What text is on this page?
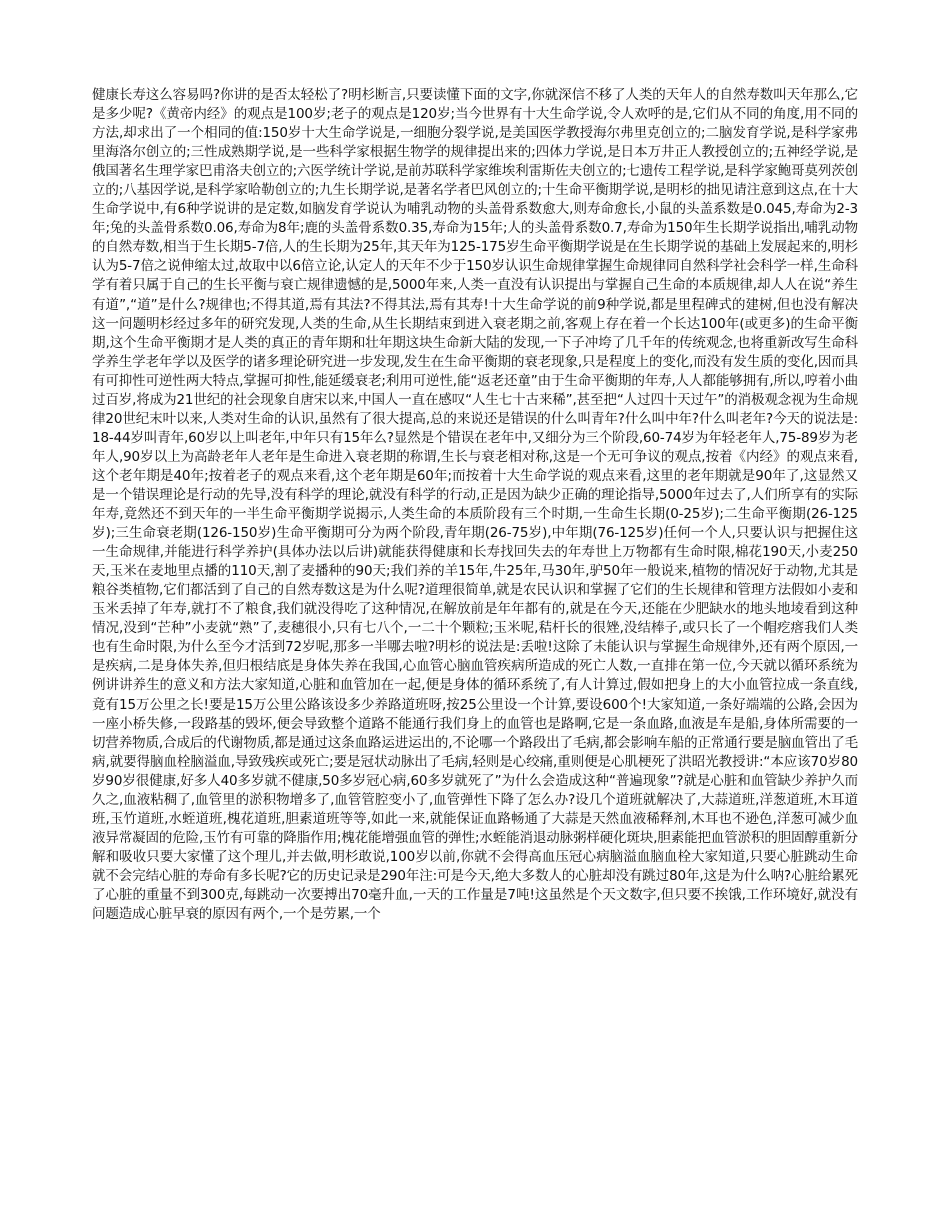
健康长寿这么容易吗?你讲的是否太轻松了?明杉断言,只要读懂下面的文字,你就深信不移了人类的天年人的自然寿数叫天年那么,它是多少呢?《黄帝内经》的观点是100岁;老子的观点是120岁;当今世界有十大生命学说,令人欢呼的是,它们从不同的角度,用不同的方法,却求出了一个相同的值:150岁十大生命学说是,一细胞分裂学说,是美国医学教授海尔弗里克创立的;二脑发育学说,是科学家弗里海洛尔创立的;三性成熟期学说,是一些科学家根据生物学的规律提出来的;四体力学说,是日本万井正人教授创立的;五神经学说,是俄国著名生理学家巴甫洛夫创立的;六医学统计学说,是前苏联科学家维埃利雷斯佐夫创立的;七遗传工程学说,是科学家鲍哥莫列茨创立的;八基因学说,是科学家哈勒创立的;九生长期学说,是著名学者巴风创立的;十生命平衡期学说,是明杉的拙见请注意到这点,在十大生命学说中,有6种学说讲的是定数,如脑发育学说认为哺乳动物的头盖骨系数愈大,则寿命愈长,小鼠的头盖系数是0.045,寿命为2-3年;兔的头盖骨系数0.06,寿命为8年;鹿的头盖骨系数0.35,寿命为15年;人的头盖骨系数0.7,寿命为150年生长期学说指出,哺乳动物的自然寿数,相当于生长期5-7倍,人的生长期为25年,其天年为125-175岁生命平衡期学说是在生长期学说的基础上发展起来的,明杉认为5-7倍之说伸缩太过,故取中以6倍立论,认定人的天年不少于150岁认识生命规律掌握生命规律同自然科学社会科学一样,生命科学有着只属于自己的生长平衡与衰亡规律遗憾的是,5000年来,人类一直没有认识提出与掌握自己生命的本质规律,却人人在说“养生有道”,“道”是什么?规律也;不得其道,焉有其法?不得其法,焉有其寿!十大生命学说的前9种学说,都是里程碑式的建树,但也没有解决这一问题明杉经过多年的研究发现,人类的生命,从生长期结束到进入衰老期之前,客观上存在着一个长达100年(或更多)的生命平衡期,这个生命平衡期才是人类的真正的青年期和壮年期这块生命新大陆的发现,一下子冲垮了几千年的传统观念,也将重新改写生命科学养生学老年学以及医学的诸多理论研究进一步发现,发生在生命平衡期的衰老现象,只是程度上的变化,而没有发生质的变化,因而具有可抑性可逆性两大特点,掌握可抑性,能延缓衰老;利用可逆性,能“返老还童”由于生命平衡期的年寿,人人都能够拥有,所以,哼着小曲过百岁,将成为21世纪的社会现象自唐宋以来,中国人一直在感叹“人生七十古来稀”,甚至把“人过四十天过午”的消极观念视为生命规律20世纪末叶以来,人类对生命的认识,虽然有了很大提高,总的来说还是错误的什么叫青年?什么叫中年?什么叫老年?今天的说法是:18-44岁叫青年,60岁以上叫老年,中年只有15年么?显然是个错误在老年中,又细分为三个阶段,60-74岁为年轻老年人,75-89岁为老年人,90岁以上为高龄老年人老年是生命进入衰老期的称谓,生长与衰老相对称,这是一个无可争议的观点,按着《内经》的观点来看,这个老年期是40年;按着老子的观点来看,这个老年期是60年;而按着十大生命学说的观点来看,这里的老年期就是90年了,这显然又是一个错误理论是行动的先导,没有科学的理论,就没有科学的行动,正是因为缺少正确的理论指导,5000年过去了,人们所享有的实际年寿,竟然还不到天年的一半生命平衡期学说揭示,人类生命的本质阶段有三个时期,一生命生长期(0-25岁);二生命平衡期(26-125岁);三生命衰老期(126-150岁)生命平衡期可分为两个阶段,青年期(26-75岁),中年期(76-125岁)任何一个人,只要认识与把握住这一生命规律,并能进行科学养护(具体办法以后讲)就能获得健康和长寿找回失去的年寿世上万物都有生命时限,棉花190天,小麦250天,玉米在麦地里点播的110天,割了麦播种的90天;我们养的羊15年,牛25年,马30年,驴50年一般说来,植物的情况好于动物,尤其是粮谷类植物,它们都活到了自己的自然寿数这是为什么呢?道理很简单,就是农民认识和掌握了它们的生长规律和管理方法假如小麦和玉米丢掉了年寿,就打不了粮食,我们就没得吃了这种情况,在解放前是年年都有的,就是在今天,还能在少肥缺水的地头地堎看到这种情况,没到“芒种”小麦就“熟”了,麦穗很小,只有七八个,一二十个颗粒;玉米呢,秸杆长的很矬,没结棒子,或只长了一个帽疙瘩我们人类也有生命时限,为什么至今才活到72岁呢,那多一半哪去啦?明杉的说法是:丢啦!这除了未能认识与掌握生命规律外,还有两个原因,一是疾病,二是身体失养,但归根结底是身体失养在我国,心血管心脑血管疾病所造成的死亡人数,一直排在第一位,今天就以循环系统为例讲讲养生的意义和方法大家知道,心脏和血管加在一起,便是身体的循环系统了,有人计算过,假如把身上的大小血管拉成一条直线,竟有15万公里之长!要是15万公里公路该设多少养路道班呀,按25公里设一个计算,要设600个!大家知道,一条好端端的公路,会因为一座小桥失修,一段路基的毁坏,便会导致整个道路不能通行我们身上的血管也是路啊,它是一条血路,血液是车是船,身体所需要的一切营养物质,合成后的代谢物质,都是通过这条血路运进运出的,不论哪一个路段出了毛病,都会影响车船的正常通行要是脑血管出了毛病,就要得脑血栓脑溢血,导致残疾或死亡;要是冠状动脉出了毛病,轻则是心绞痛,重则便是心肌梗死了洪昭光教授讲:“本应该70岁80岁90岁很健康,好多人40多岁就不健康,50多岁冠心病,60多岁就死了”为什么会造成这种“普遍现象”?就是心脏和血管缺少养护久而久之,血液粘稠了,血管里的淤积物增多了,血管管腔变小了,血管弹性下降了怎么办?设几个道班就解决了,大蒜道班,洋葱道班,木耳道班,玉竹道班,水蛭道班,槐花道班,胆素道班等等,如此一来,就能保证血路畅通了大蒜是天然血液稀释剂,木耳也不逊色,洋葱可减少血液异常凝固的危险,玉竹有可靠的降脂作用;槐花能增强血管的弹性;水蛭能消退动脉粥样硬化斑块,胆素能把血管淤积的胆固醇重新分解和吸收只要大家懂了这个理儿,并去做,明杉敢说,100岁以前,你就不会得高血压冠心病脑溢血脑血栓大家知道,只要心脏跳动生命就不会完结心脏的寿命有多长呢?它的历史记录是290年注:可是今天,绝大多数人的心脏却没有跳过80年,这是为什么呐?心脏给累死了心脏的重量不到300克,每跳动一次要搏出70毫升血,一天的工作量是7吨!这虽然是个天文数字,但只要不挨饿,工作环境好,就没有问题造成心脏早衰的原因有两个,一个是劳累,一个
